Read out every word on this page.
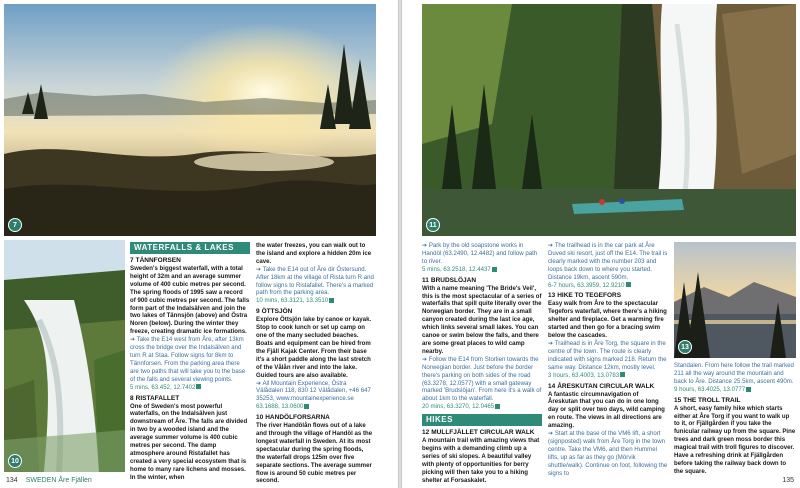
7
10
WATERFALLS & LAKES
7 TÄNNFORSEN

Sweden's biggest waterfall, with a total height of 32m and an average summer volume of 400 cubic metres per second. The spring floods of 1995 saw a record of 900 cubic metres per second. The falls form part of the Indalsälven and join the two lakes of Tännsjön (above) and Östra Noren (below). During the winter they freeze, creating dramatic ice formations.

➔ Take the E14 west from Åre, after 13km cross the bridge over the Indalsälven and turn R at Staa. Follow signs for 8km to Tännforsen. From the parking area there are two paths that will take you to the base of the falls and several viewing points.

5 mins, 63.452, 12.7402

8 RISTAFALLET

One of Sweden's most powerful waterfalls, on the Indalsälven just downstream of Åre. The falls are divided in two by a wooded island and the average summer volume is 400 cubic metres per second. The damp atmosphere around Ristafallet has created a very special ecosystem that is home to many rare lichens and mosses. In the winter, when

the water freezes, you can walk out to the island and explore a hidden 20m ice cave.

➔ Take the E14 out of Åre dir Östersund. After 18km at the village of Rista turn R and follow signs to Ristafallet. There's a marked path from the parking area.

10 mins, 63.3121, 13.3510

9 ÖTTSJÖN

Explore Öttsjön lake by canoe or kayak. Stop to cook lunch or set up camp on one of the many secluded beaches. Boats and equipment can be hired from the Fjäll Kajak Center. From their base it's a short paddle along the last stretch of the Vålån river and into the lake. Guided tours are also available.

➔ All Mountain Experience, Östra Välådalen 118, 830 12 Välådalen, +46 647 35253, www.mountainexperience.se

63.1688, 13.0600

10 HANDÖLFORSARNA

The river Handölån flows out of a lake and through the village of Handöl as the longest waterfall in Sweden. At its most spectacular during the spring floods, the waterfall drops 125m over five separate sections. The average summer flow is around 50 cubic metres per second.

134 SWEDEN Åre Fjällen
11

➔ Park by the old soapstone works in Handöl (63.2490, 12.4482) and follow path to river.

5 mins, 63.2518, 12.4437

11 BRUDSLÖJAN

With a name meaning 'The Bride's Veil', this is the most spectacular of a series of waterfalls that spill quite literally over the Norwegian border. They are in a small canyon created during the last ice age, which links several small lakes. You can canoe or swim below the falls, and there are some great places to wild camp nearby.

➔ Follow the E14 from Storlien towards the Norwegian border. Just before the border there's parking on both sides of the road (63.3278, 12.0577) with a small gateway marked 'Brudslöjan'. From here it's a walk of about 1km to the waterfall.

20 mins, 63.3270, 12.0465

HIKES
12 MULLFJÄLLET CIRCULAR WALK

A mountain trail with amazing views that begins with a demanding climb up a series of ski slopes. A beautiful valley with plenty of opportunities for berry picking will then take you to a hiking shelter at Forsaskalet.

➔ The trailhead is in the car park at Åre Duved ski resort, just off the E14. The trail is clearly marked with the number 203 and loops back down to where you started. Distance 19km, ascent 590m.

6-7 hours, 63.3959, 12.9210

13 HIKE TO TEGEFORS

Easy walk from Åre to the spectacular Tegefors waterfall, where there's a hiking shelter and fireplace. Get a warming fire started and then go for a bracing swim below the cascades.

➔ Trailhead is in Åre Torg, the square in the centre of the town. The route is clearly indicated with signs marked 218. Return the same way. Distance 12km, mostly level.

3 hours, 63.4003, 13.0783

14 ÅRESKUTAN CIRCULAR WALK

A fantastic circumnavigation of Åreskutan that you can do in one long day or split over two days, wild camping en route. The views in all directions are amazing.

➔ Start at the base of the VM6 lift, a short (signposted) walk from Åre Torg in the town centre. Take the VM6, and then Hummel lifts, up as far as they go (Mörvik shuttle/walk). Continue on foot, following the signs to

13

Standalen. From here follow the trail marked 211 all the way around the mountain and back to Åre. Distance 25.5km, ascent 490m.

9 hours, 63.4025, 13.0777

15 THE TROLL TRAIL

A short, easy family hike which starts either at Åre Torg if you want to walk up to it, or Fjällgården if you take the funicular railway up from the square. Pine trees and dark green moss border this magical trail with troll figures to discover. Have a refreshing drink at Fjällgården before taking the railway back down to the square.

135
